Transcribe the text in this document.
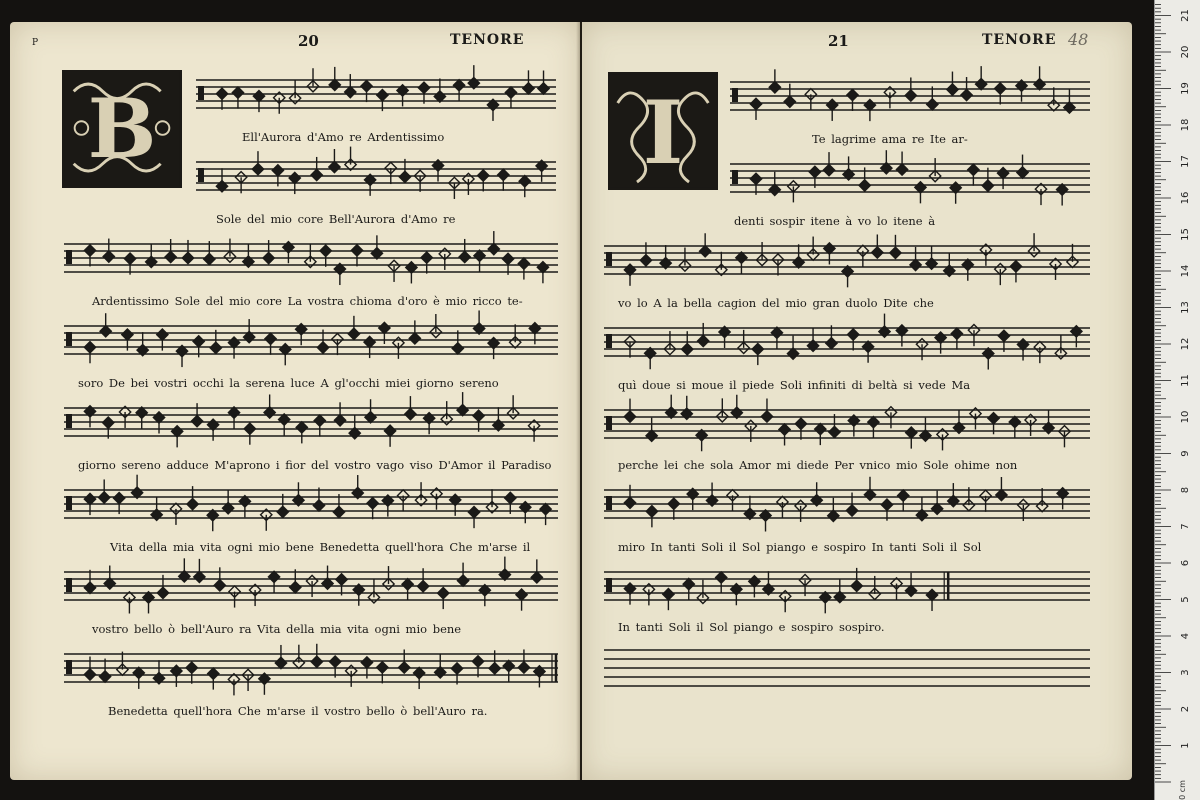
P	20	TENORE
B	Ell'Aurora d'Amo re Ardentissimo
Sole del mio core Bell'Aurora d'Amo re
Ardentissimo Sole del mio core La vostra chioma d'oro è mio ricco te-
soro De bei vostri occhi la serena luce A gl'occhi miei giorno sereno
giorno sereno adduce M'aprono i fior del vostro vago viso D'Amor il Paradiso
Vita della mia vita ogni mio bene Benedetta quell'hora Che m'arse il
vostro bello ò bell'Auro ra Vita della mia vita ogni mio bene
Benedetta quell'hora Che m'arse il vostro bello ò bell'Auro ra.
21	TENORE 48
I	Te lagrime ama re Ite ar-
denti sospir itene à vo lo itene à
vo lo A la bella cagion del mio gran duolo Dite che
quì doue si moue il piede Soli infiniti di beltà si vede Ma
perche lei che sola Amor mi diede Per vnico mio Sole ohime non
miro In tanti Soli il Sol piango e sospiro In tanti Soli il Sol
In tanti Soli il Sol piango e sospiro sospiro.
0 cm
1
2
3
4
5
6
7
8
9
10
11
12
13
14
15
16
17
18
19
20
21
